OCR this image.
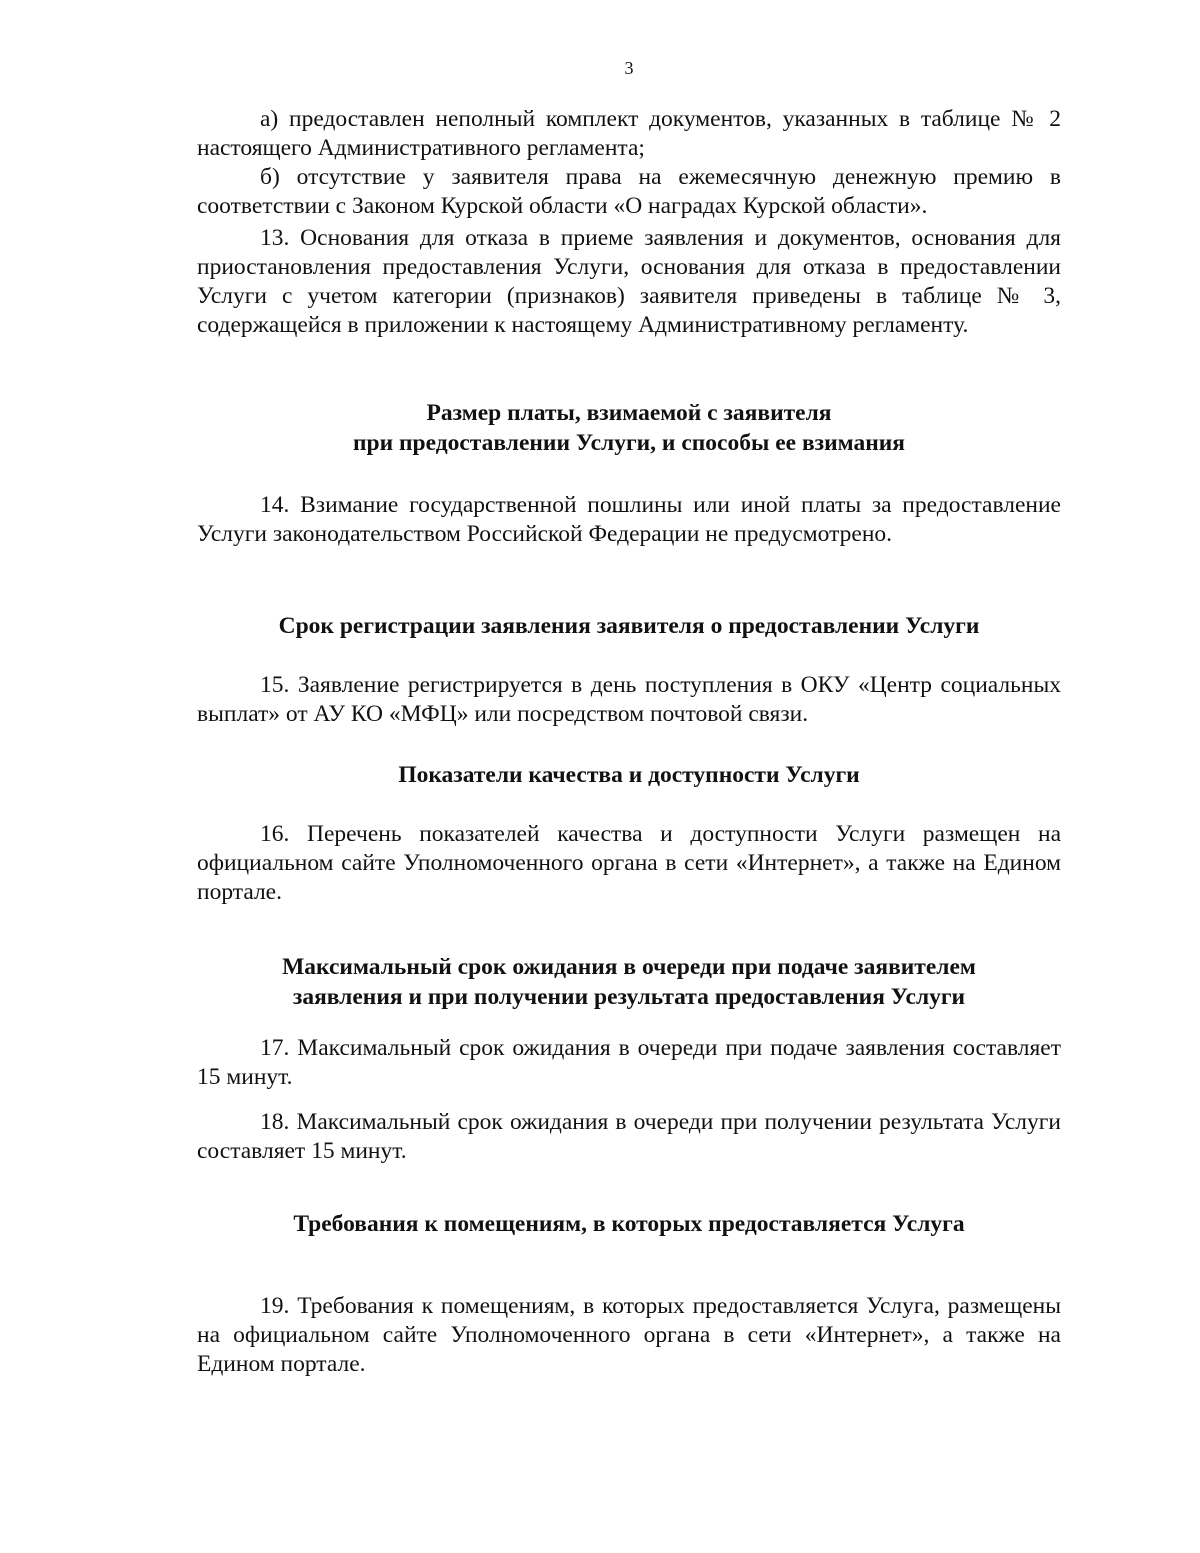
3

а) предоставлен неполный комплект документов, указанных в таблице № 2 настоящего Административного регламента;

б) отсутствие у заявителя права на ежемесячную денежную премию в соответствии с Законом Курской области «О наградах Курской области».

13. Основания для отказа в приеме заявления и документов, основания для приостановления предоставления Услуги, основания для отказа в предоставлении Услуги с учетом категории (признаков) заявителя приведены в таблице № 3, содержащейся в приложении к настоящему Административному регламенту.

Размер платы, взимаемой с заявителя
при предоставлении Услуги, и способы ее взимания

14. Взимание государственной пошлины или иной платы за предоставление Услуги законодательством Российской Федерации не предусмотрено.

Срок регистрации заявления заявителя о предоставлении Услуги

15. Заявление регистрируется в день поступления в ОКУ «Центр социальных выплат» от АУ КО «МФЦ» или посредством почтовой связи.

Показатели качества и доступности Услуги

16. Перечень показателей качества и доступности Услуги размещен на официальном сайте Уполномоченного органа в сети «Интернет», а также на Едином портале.

Максимальный срок ожидания в очереди при подаче заявителем
заявления и при получении результата предоставления Услуги

17. Максимальный срок ожидания в очереди при подаче заявления составляет 15 минут.

18. Максимальный срок ожидания в очереди при получении результата Услуги составляет 15 минут.

Требования к помещениям, в которых предоставляется Услуга

19. Требования к помещениям, в которых предоставляется Услуга, размещены на официальном сайте Уполномоченного органа в сети «Интернет», а также на Едином портале.
